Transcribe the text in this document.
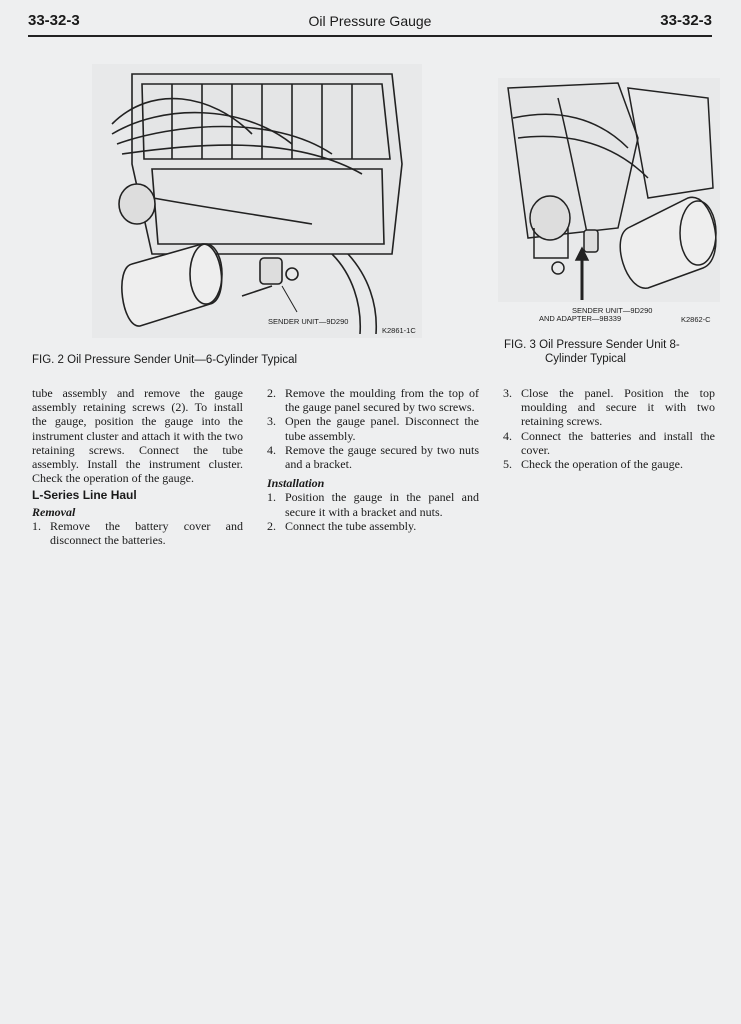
33-32-3	Oil Pressure Gauge	33-32-3
SENDER UNIT—9D290
K2861-1C
FIG. 2 Oil Pressure Sender Unit—6-Cylinder Typical
SENDER UNIT—9D290
AND ADAPTER—9B339	K2862-C
FIG. 3 Oil Pressure Sender Unit 8-
Cylinder Typical

tube assembly and remove the gauge assembly retaining screws (2). To install the gauge, position the gauge into the instrument cluster and attach it with the two retaining screws. Connect the tube assembly. Install the instrument cluster. Check the operation of the gauge.

L-Series Line Haul
Removal
1. Remove the battery cover and disconnect the batteries.
2. Remove the moulding from the top of the gauge panel secured by two screws.
3. Open the gauge panel. Disconnect the tube assembly.
4. Remove the gauge secured by two nuts and a bracket.
Installation
1. Position the gauge in the panel and secure it with a bracket and nuts.
2. Connect the tube assembly.
3. Close the panel. Position the top moulding and secure it with two retaining screws.
4. Connect the batteries and install the cover.
5. Check the operation of the gauge.
